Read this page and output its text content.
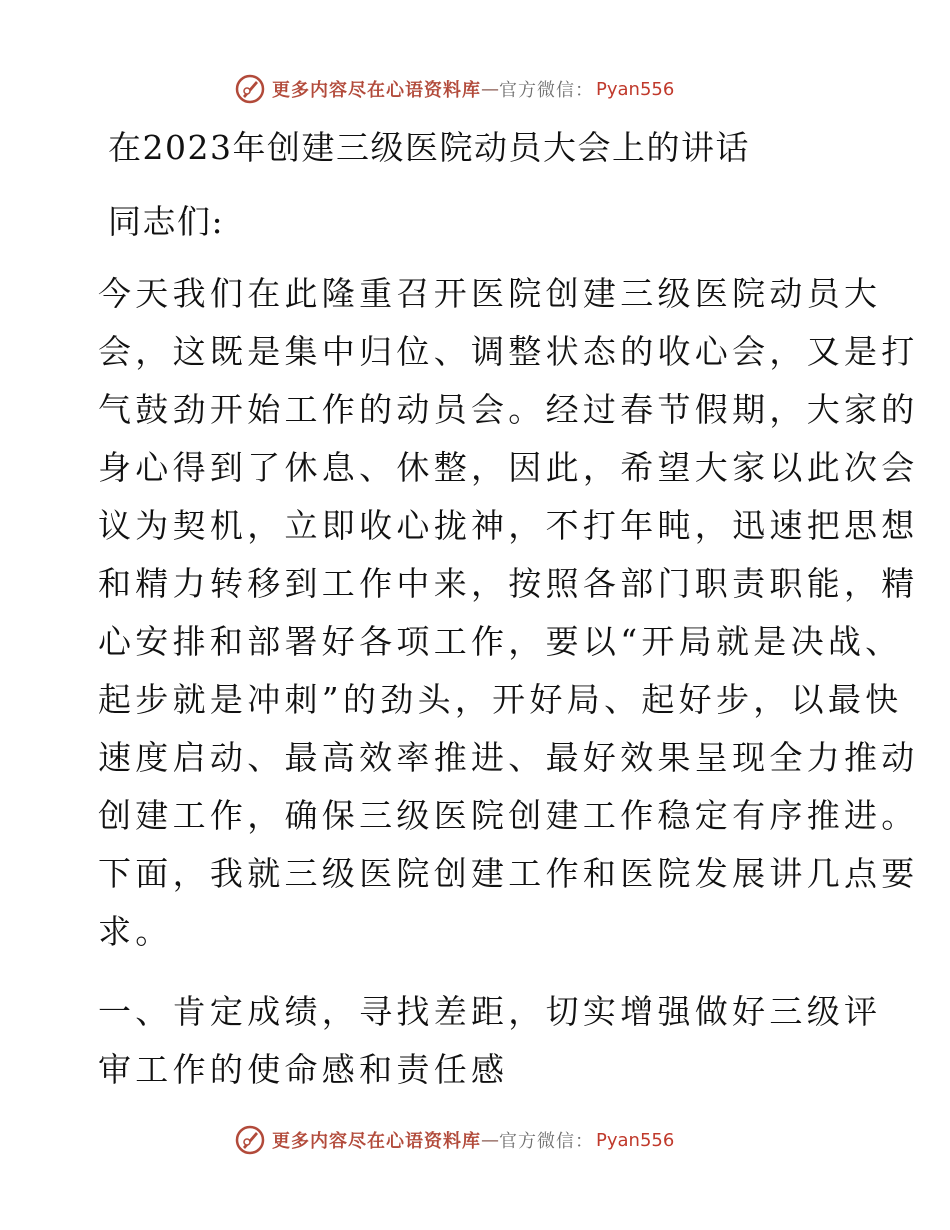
更多内容尽在心语资料库 — 官方微信： Pyan556
在2023年创建三级医院动员大会上的讲话
同志们:
今天我们在此隆重召开医院创建三级医院动员大
会，这既是集中归位、调整状态的收心会，又是打
气鼓劲开始工作的动员会。经过春节假期，大家的
身心得到了休息、休整，因此，希望大家以此次会
议为契机，立即收心拢神，不打年盹，迅速把思想
和精力转移到工作中来，按照各部门职责职能，精
心安排和部署好各项工作，要以“开局就是决战、
起步就是冲刺”的劲头，开好局、起好步，以最快
速度启动、最高效率推进、最好效果呈现全力推动
创建工作，确保三级医院创建工作稳定有序推进。
下面，我就三级医院创建工作和医院发展讲几点要
求。
一、肯定成绩，寻找差距，切实增强做好三级评
审工作的使命感和责任感
更多内容尽在心语资料库 — 官方微信： Pyan556
